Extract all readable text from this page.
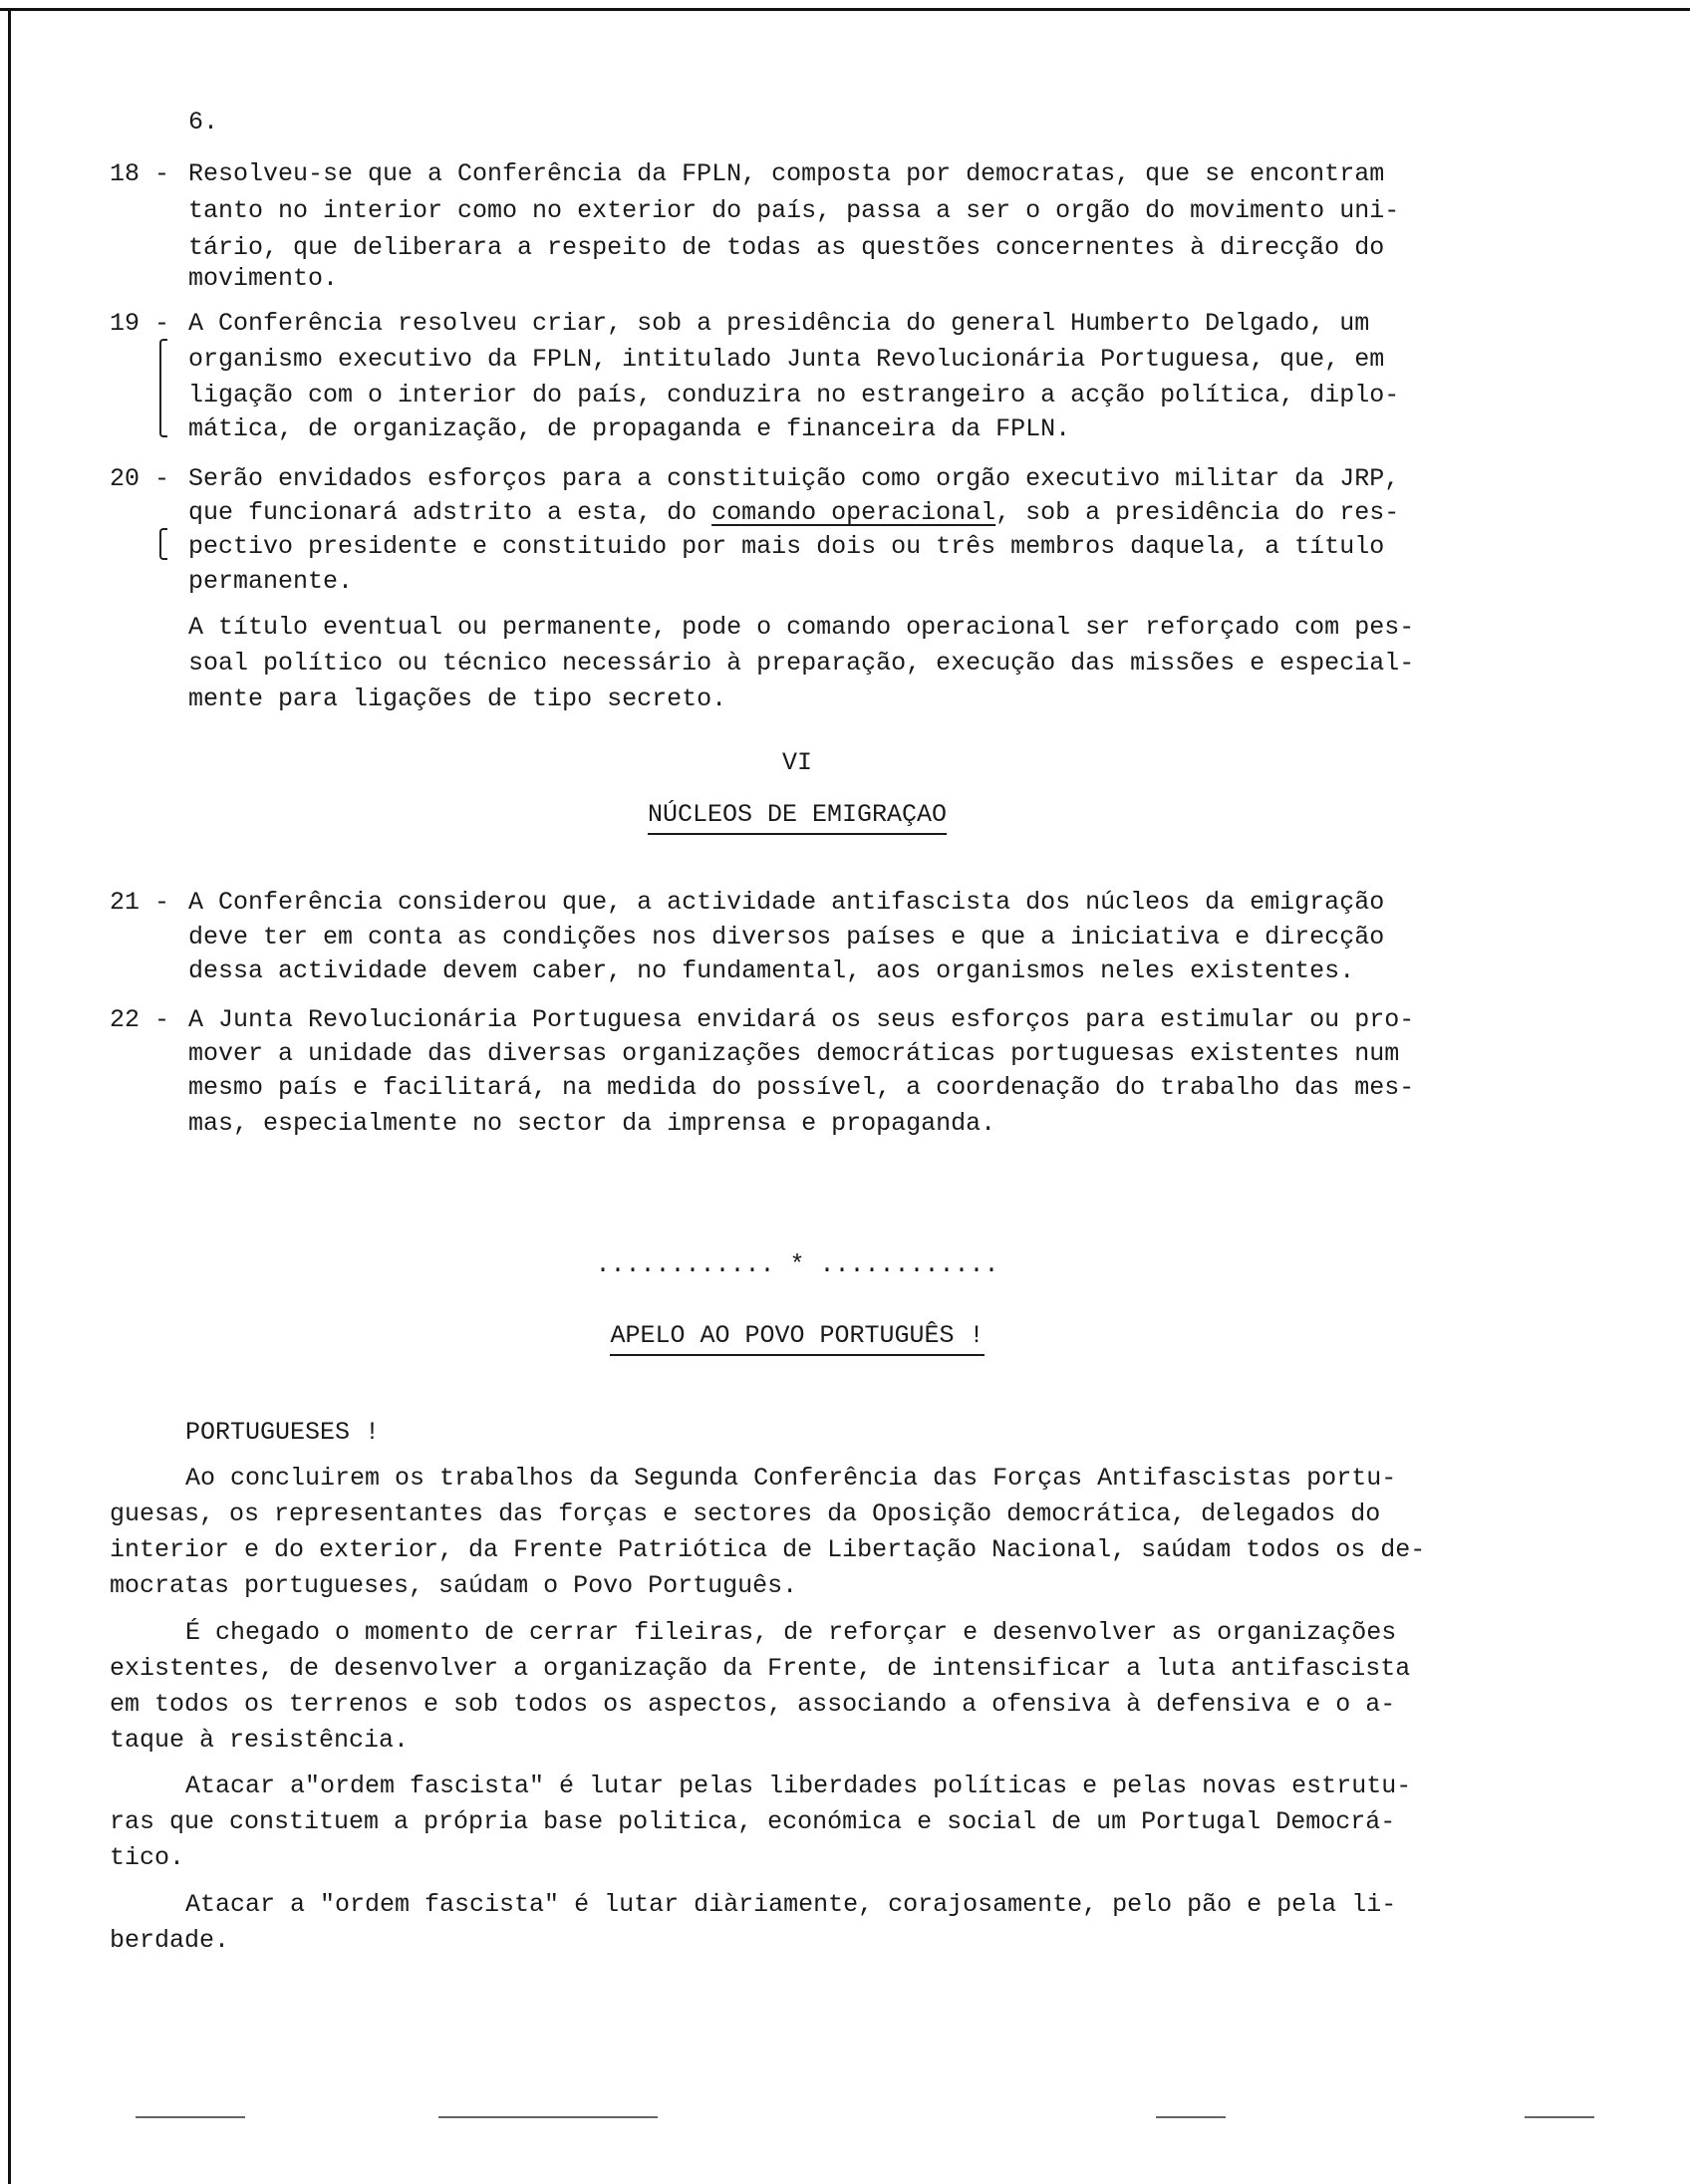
6.
18 - Resolveu-se que a Conferência da FPLN, composta por democratas, que se encontram
tanto no interior como no exterior do país, passa a ser o orgão do movimento uni-
tário, que deliberara a respeito de todas as questões concernentes à direcção do
movimento.
19 - A Conferência resolveu criar, sob a presidência do general Humberto Delgado, um
organismo executivo da FPLN, intitulado Junta Revolucionária Portuguesa, que, em
ligação com o interior do país, conduzira no estrangeiro a acção política, diplo-
mática, de organização, de propaganda e financeira da FPLN.
20 - Serão envidados esforços para a constituição como orgão executivo militar da JRP,
que funcionará adstrito a esta, do comando operacional, sob a presidência do res-
pectivo presidente e constituido por mais dois ou três membros daquela, a título
permanente.
A título eventual ou permanente, pode o comando operacional ser reforçado com pes-
soal político ou técnico necessário à preparação, execução das missões e especial-
mente para ligações de tipo secreto.
VI
NÚCLEOS DE EMIGRAÇAO
21 - A Conferência considerou que, a actividade antifascista dos núcleos da emigração
deve ter em conta as condições nos diversos países e que a iniciativa e direcção
dessa actividade devem caber, no fundamental, aos organismos neles existentes.
22 - A Junta Revolucionária Portuguesa envidará os seus esforços para estimular ou pro-
mover a unidade das diversas organizações democráticas portuguesas existentes num
mesmo país e facilitará, na medida do possível, a coordenação do trabalho das mes-
mas, especialmente no sector da imprensa e propaganda.
............ * ............
APELO AO POVO PORTUGUÊS !
PORTUGUESES !
Ao concluirem os trabalhos da Segunda Conferência das Forças Antifascistas portu-
guesas, os representantes das forças e sectores da Oposição democrática, delegados do
interior e do exterior, da Frente Patriótica de Libertação Nacional, saúdam todos os de-
mocratas portugueses, saúdam o Povo Português.
É chegado o momento de cerrar fileiras, de reforçar e desenvolver as organizações
existentes, de desenvolver a organização da Frente, de intensificar a luta antifascista
em todos os terrenos e sob todos os aspectos, associando a ofensiva à defensiva e o a-
taque à resistência.
Atacar a"ordem fascista" é lutar pelas liberdades políticas e pelas novas estrutu-
ras que constituem a própria base politica, económica e social de um Portugal Democrá-
tico.
Atacar a "ordem fascista" é lutar diàriamente, corajosamente, pelo pão e pela li-
berdade.
